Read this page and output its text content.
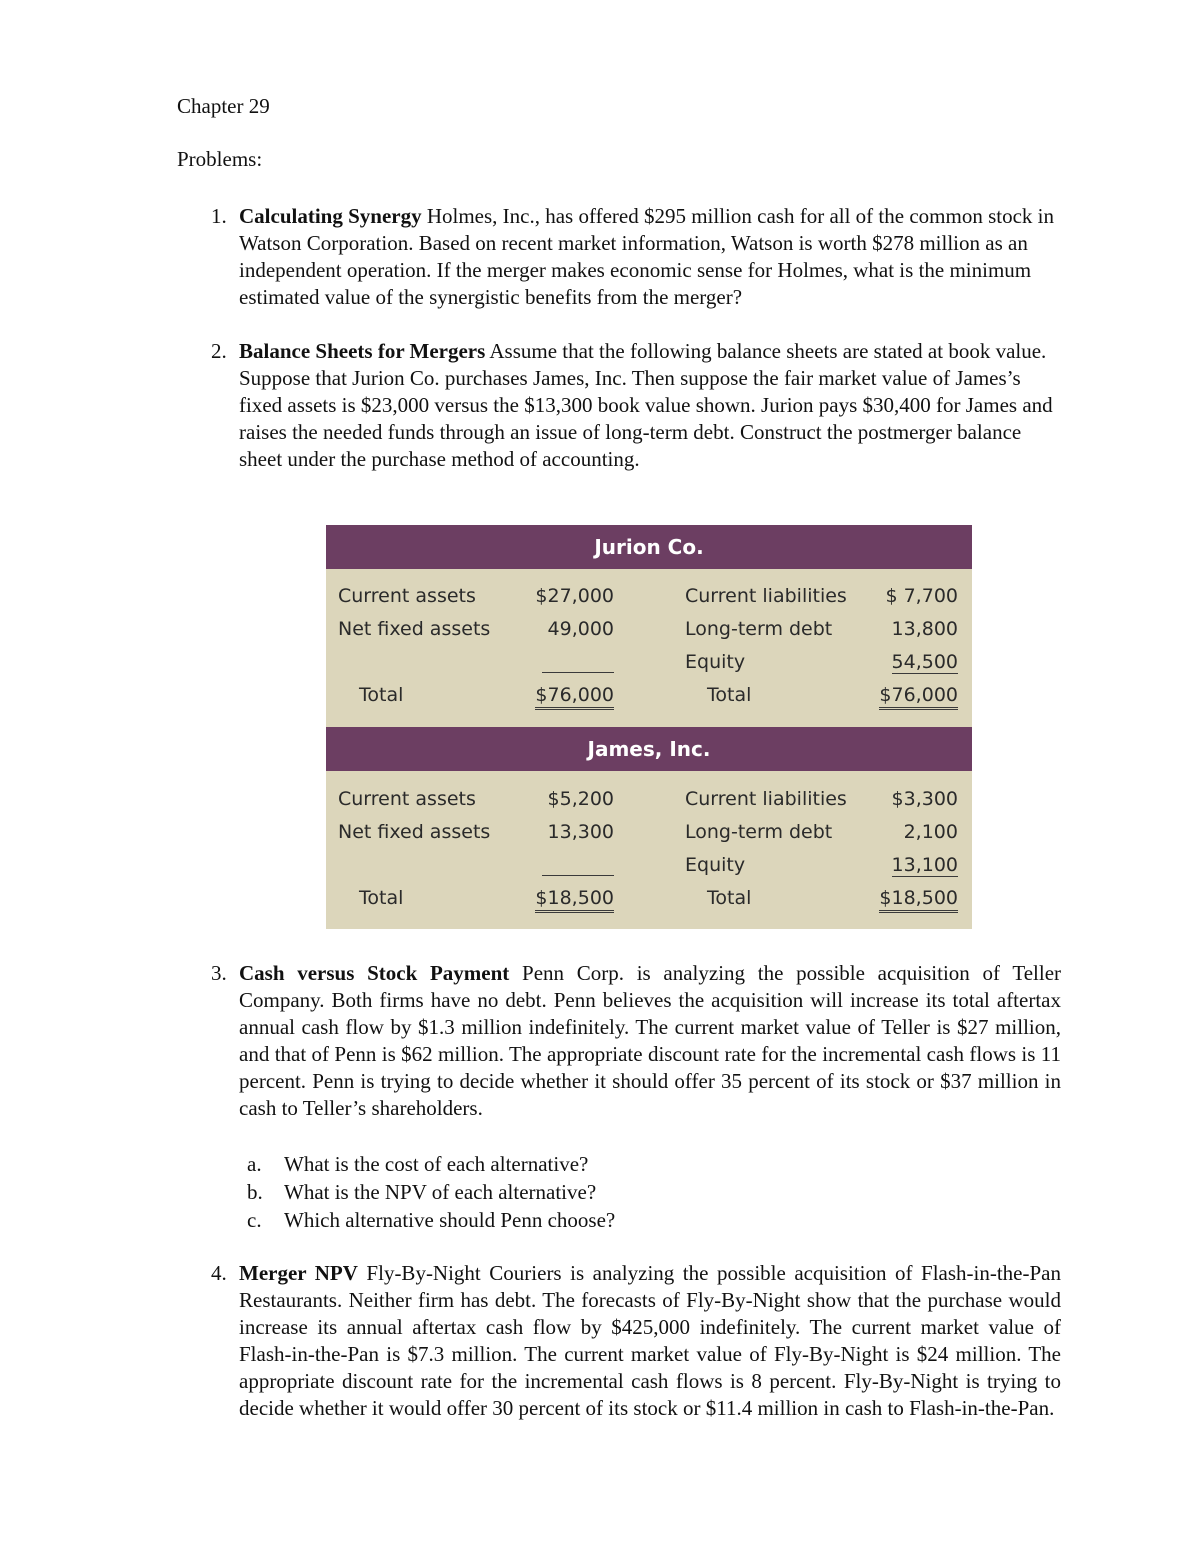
Chapter 29
Problems:
1. Calculating Synergy Holmes, Inc., has offered $295 million cash for all of the common stock in Watson Corporation. Based on recent market information, Watson is worth $278 million as an independent operation. If the merger makes economic sense for Holmes, what is the minimum estimated value of the synergistic benefits from the merger?
2. Balance Sheets for Mergers Assume that the following balance sheets are stated at book value. Suppose that Jurion Co. purchases James, Inc. Then suppose the fair market value of James’s fixed assets is $23,000 versus the $13,300 book value shown. Jurion pays $30,400 for James and raises the needed funds through an issue of long-term debt. Construct the postmerger balance sheet under the purchase method of accounting.
Jurion Co.
Current assets	$27,000	Current liabilities $ 7,700
Net fixed assets	49,000	Long-term debt	13,800
Equity	54,500
Total	$76,000	Total	$76,000
James, Inc.
Current assets	$5,200	Current liabilities $3,300
Net fixed assets	13,300	Long-term debt	2,100
Equity	13,100
Total	$18,500	Total	$18,500
3. Cash versus Stock Payment Penn Corp. is analyzing the possible acquisition of Teller Company. Both firms have no debt. Penn believes the acquisition will increase its total aftertax annual cash flow by $1.3 million indefinitely. The current market value of Teller is $27 million, and that of Penn is $62 million. The appropriate discount rate for the incremental cash flows is 11 percent. Penn is trying to decide whether it should offer 35 percent of its stock or $37 million in cash to Teller’s shareholders.
a. What is the cost of each alternative?
b. What is the NPV of each alternative?
c. Which alternative should Penn choose?
4. Merger NPV Fly-By-Night Couriers is analyzing the possible acquisition of Flash-in-the-Pan Restaurants. Neither firm has debt. The forecasts of Fly-By-Night show that the purchase would increase its annual aftertax cash flow by $425,000 indefinitely. The current market value of Flash-in-the-Pan is $7.3 million. The current market value of Fly-By-Night is $24 million. The appropriate discount rate for the incremental cash flows is 8 percent. Fly-By-Night is trying to decide whether it would offer 30 percent of its stock or $11.4 million in cash to Flash-in-the-Pan.
